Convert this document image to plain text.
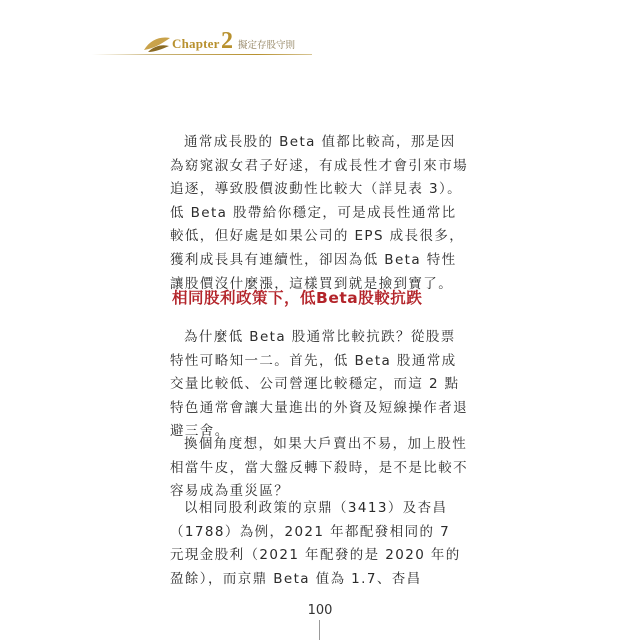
Chapter 2 擬定存股守則

通常成長股的 Beta 值都比較高，那是因為窈窕淑女君子好逑，有成長性才會引來市場追逐，導致股價波動性比較大（詳見表 3）。低 Beta 股帶給你穩定，可是成長性通常比較低，但好處是如果公司的 EPS 成長很多，獲利成長具有連續性，卻因為低 Beta 特性讓股價沒什麼漲，這樣買到就是撿到寶了。

相同股利政策下，低Beta股較抗跌

為什麼低 Beta 股通常比較抗跌？從股票特性可略知一二。首先，低 Beta 股通常成交量比較低、公司營運比較穩定，而這 2 點特色通常會讓大量進出的外資及短線操作者退避三舍。

換個角度想，如果大戶賣出不易，加上股性相當牛皮，當大盤反轉下殺時，是不是比較不容易成為重災區？

以相同股利政策的京鼎（3413）及杏昌（1788）為例，2021 年都配發相同的 7 元現金股利（2021 年配發的是 2020 年的盈餘），而京鼎 Beta 值為 1.7、杏昌

100
